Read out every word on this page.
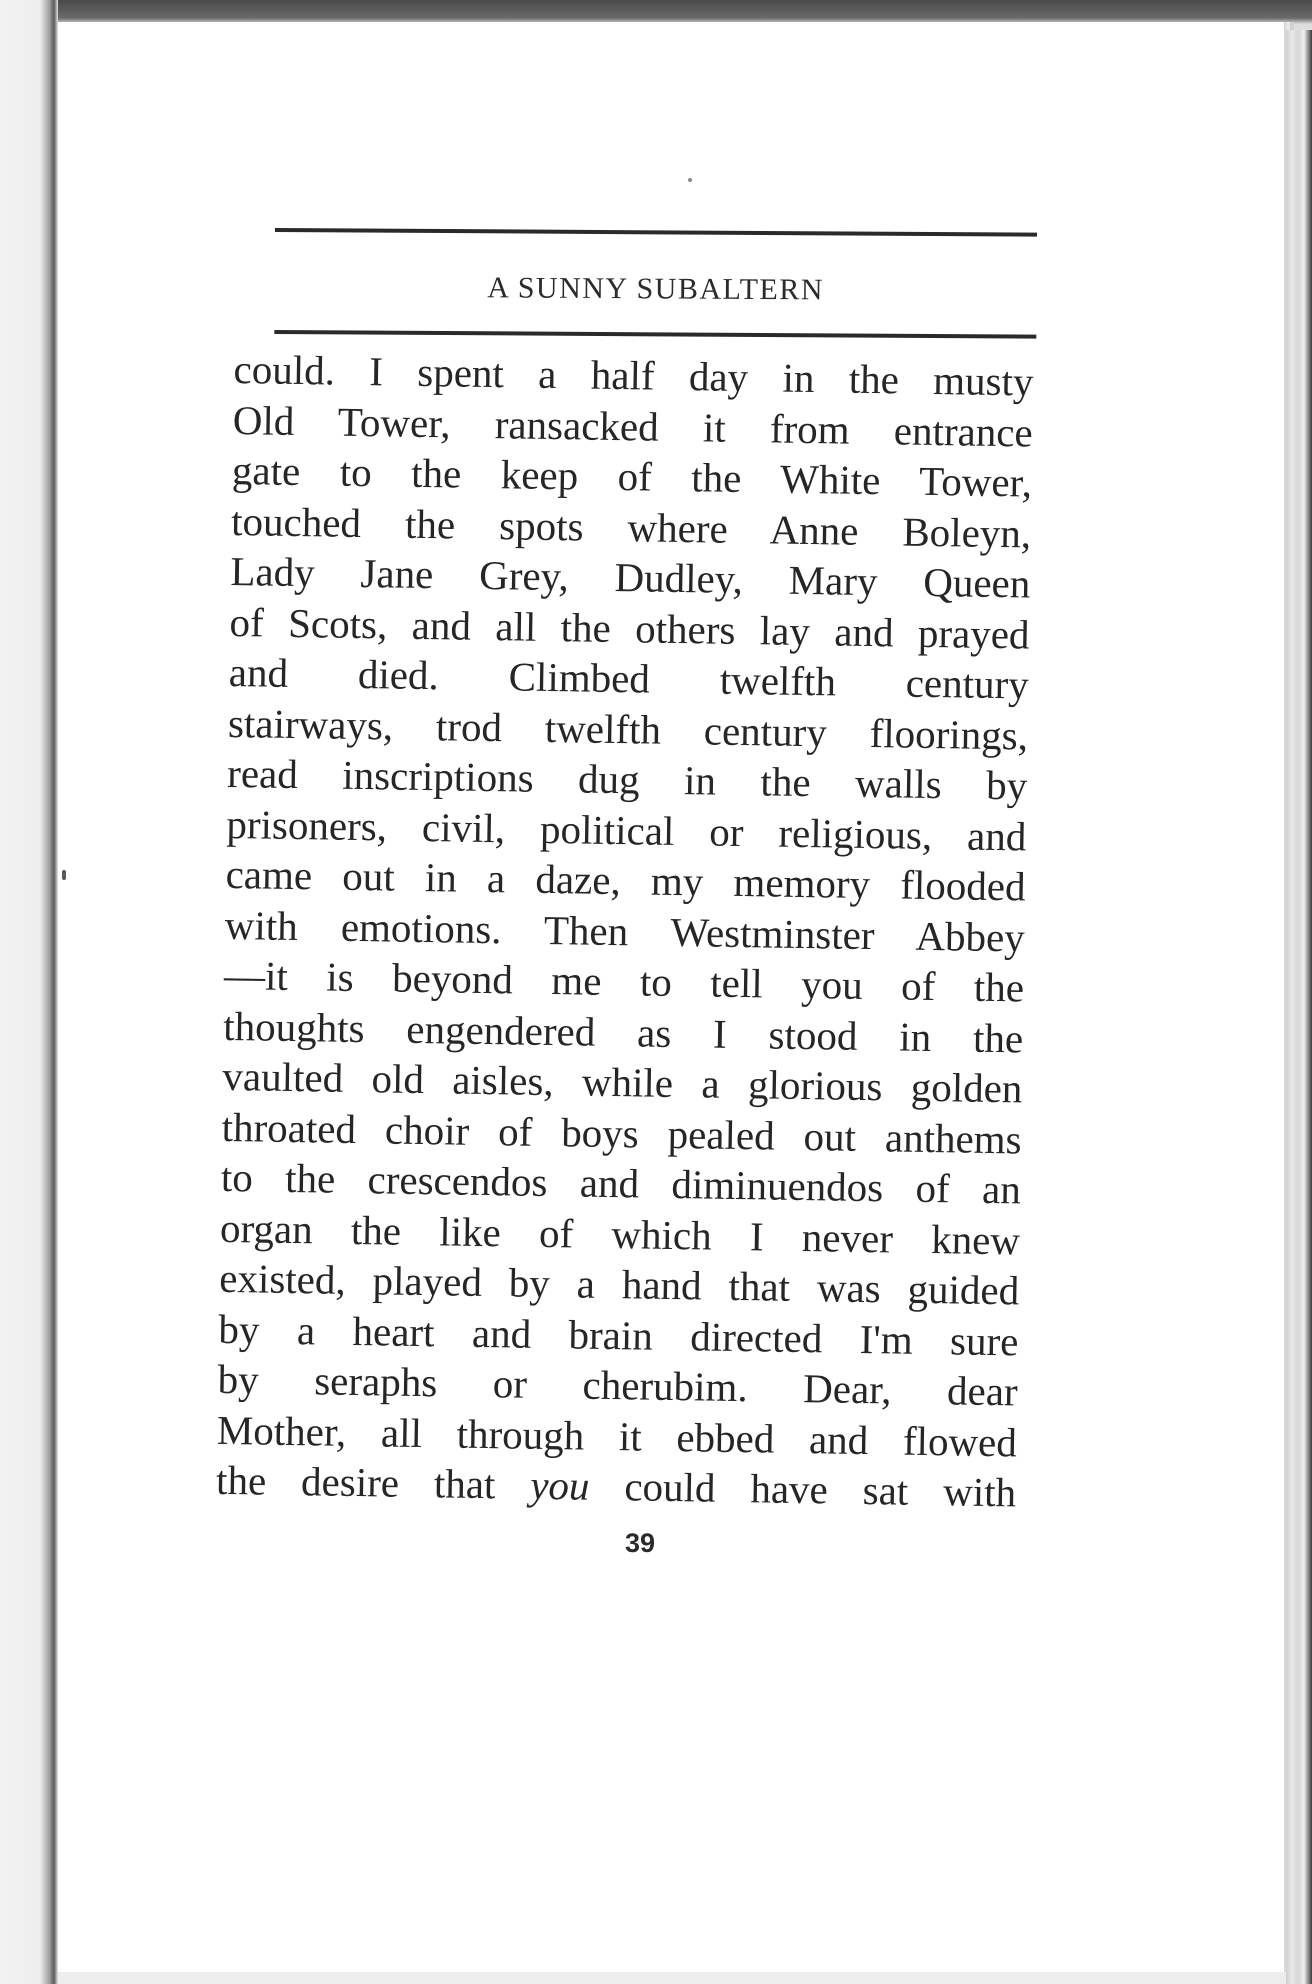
A SUNNY SUBALTERN
could. I spent a half day in the musty
Old Tower, ransacked it from entrance
gate to the keep of the White Tower,
touched the spots where Anne Boleyn,
Lady Jane Grey, Dudley, Mary Queen
of Scots, and all the others lay and prayed
and died. Climbed twelfth century
stairways, trod twelfth century floorings,
read inscriptions dug in the walls by
prisoners, civil, political or religious, and
came out in a daze, my memory flooded
with emotions. Then Westminster Abbey
—it is beyond me to tell you of the
thoughts engendered as I stood in the
vaulted old aisles, while a glorious golden
throated choir of boys pealed out anthems
to the crescendos and diminuendos of an
organ the like of which I never knew
existed, played by a hand that was guided
by a heart and brain directed I'm sure
by seraphs or cherubim. Dear, dear
Mother, all through it ebbed and flowed
the desire that you could have sat with
39
